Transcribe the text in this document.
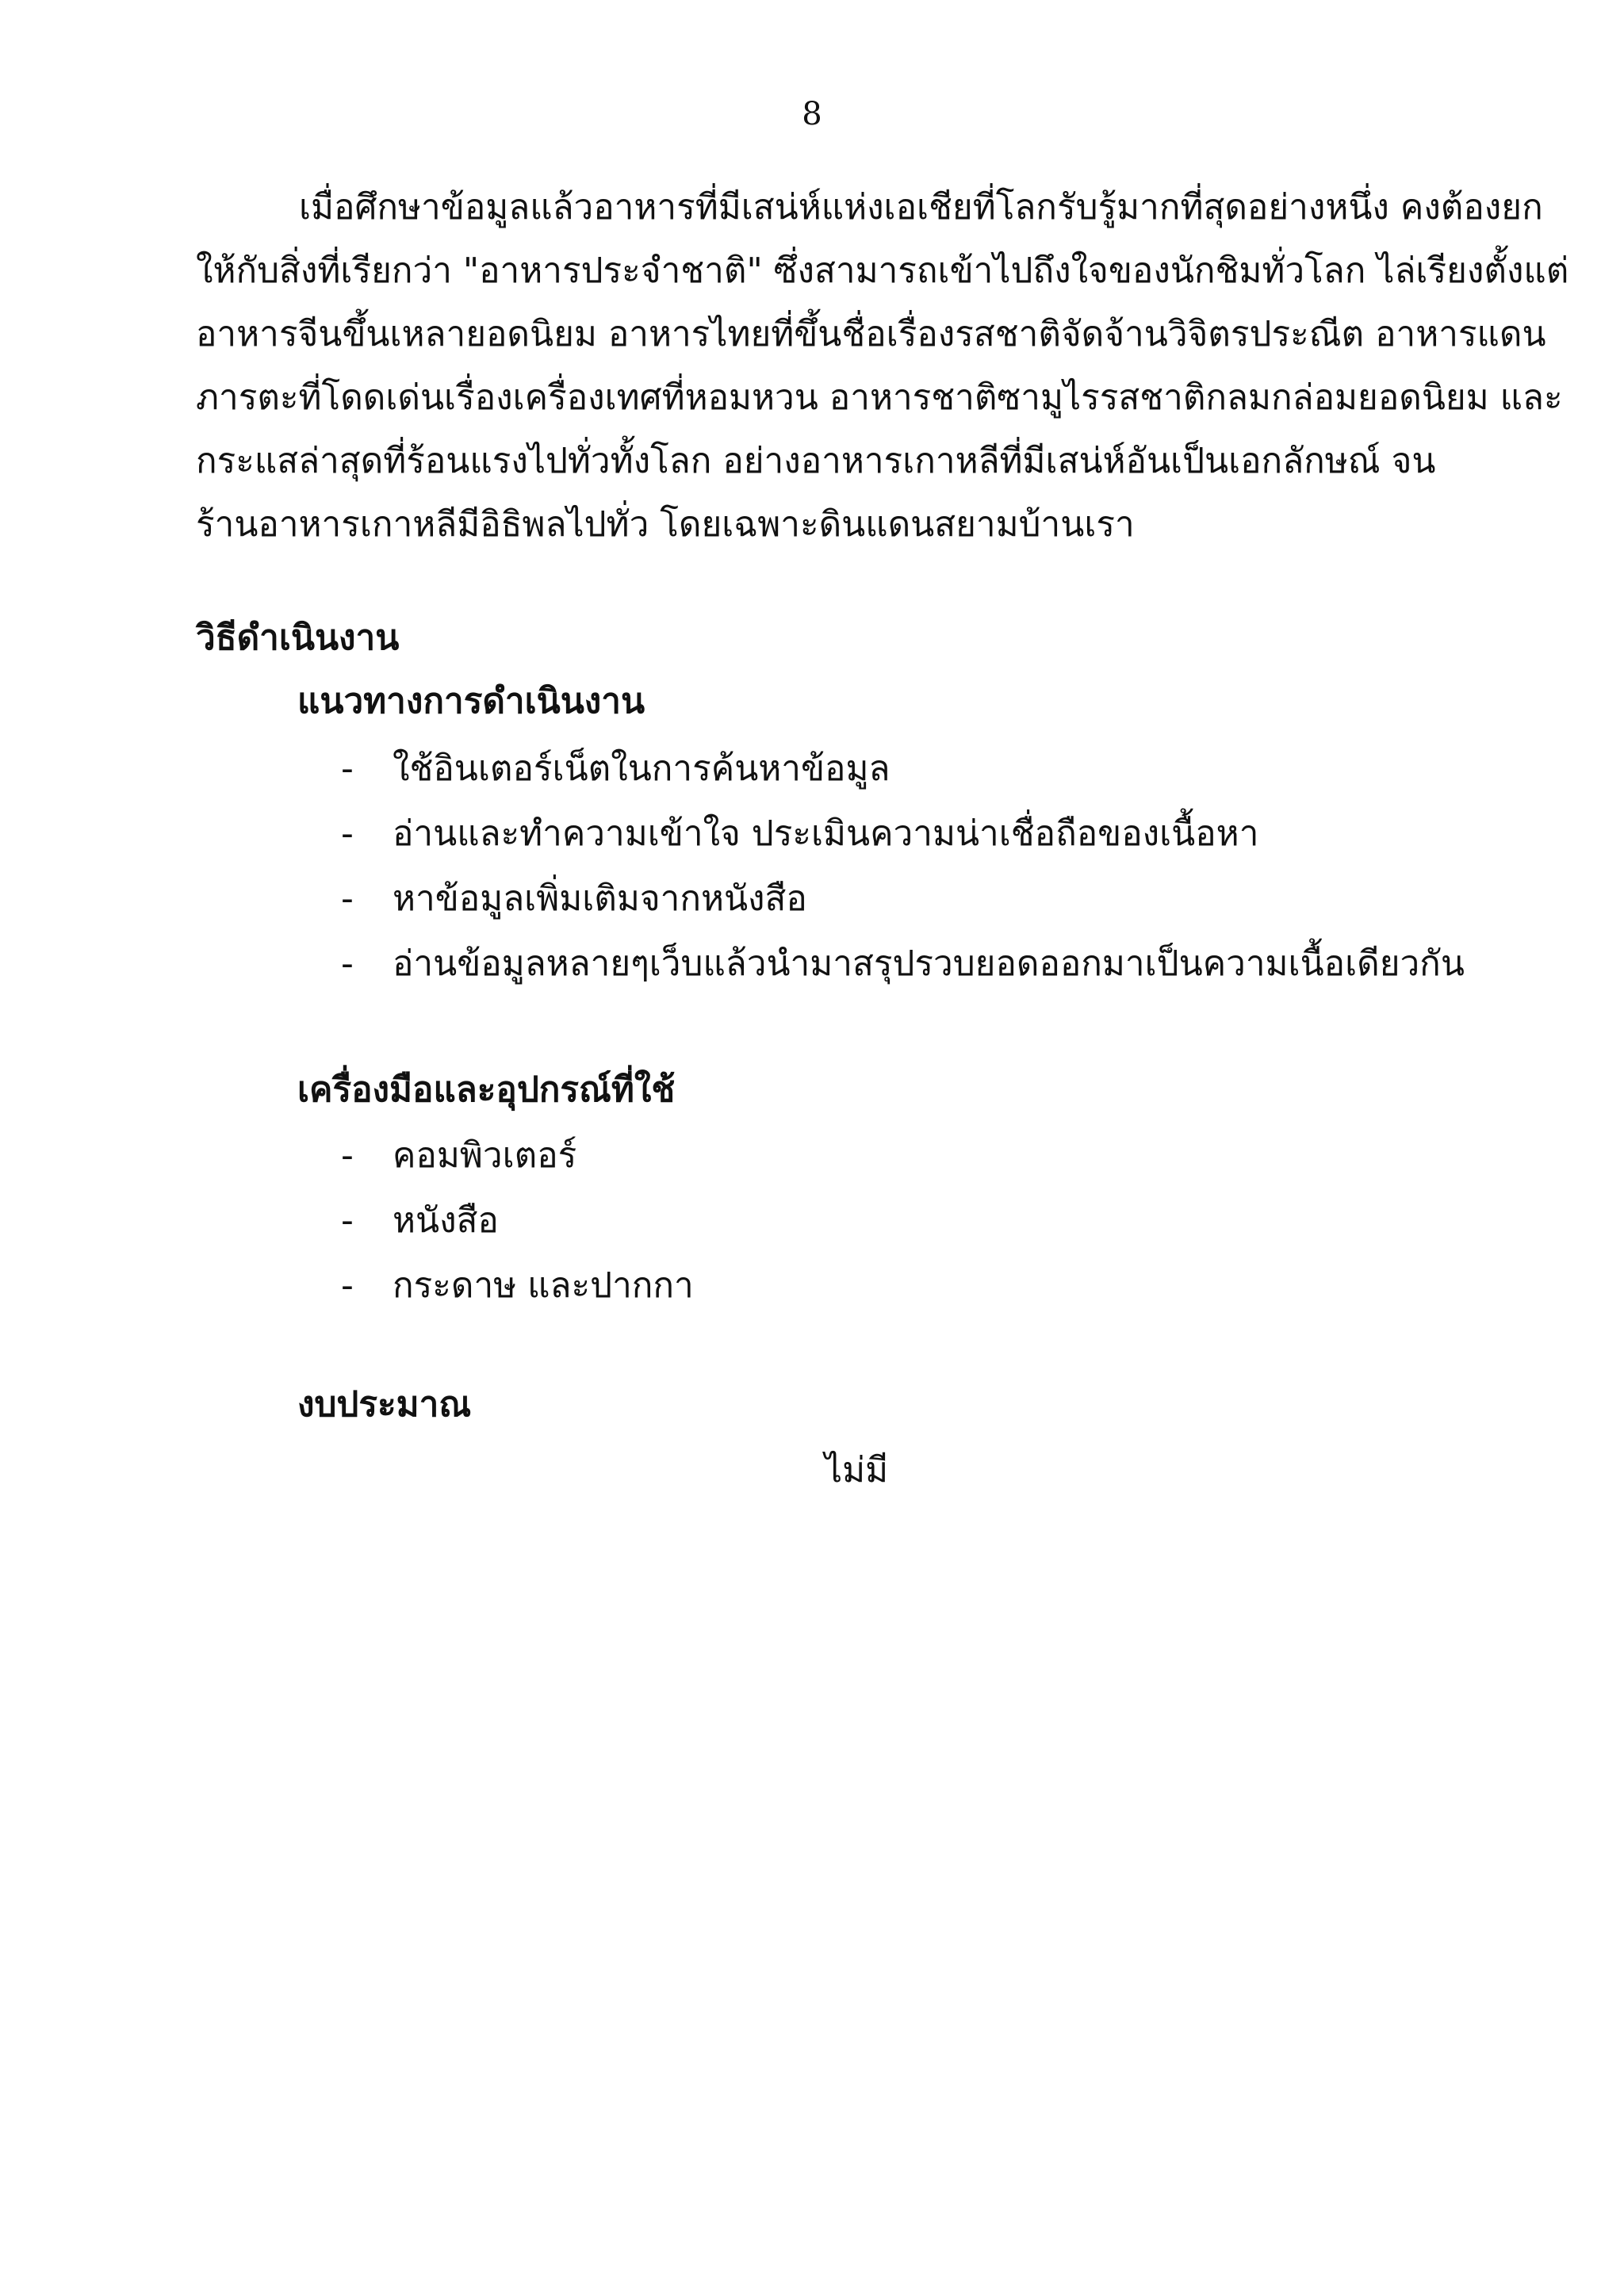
8
เมื่อศึกษาข้อมูลแล้วอาหารที่มีเสน่ห์แห่งเอเชียที่โลกรับรู้มากที่สุดอย่างหนึ่ง คงต้องยก
ให้กับสิ่งที่เรียกว่า "อาหารประจำชาติ" ซึ่งสามารถเข้าไปถึงใจของนักชิมทั่วโลก ไล่เรียงตั้งแต่
อาหารจีนขึ้นเหลายอดนิยม อาหารไทยที่ขึ้นชื่อเรื่องรสชาติจัดจ้านวิจิตรประณีต อาหารแดน
ภารตะที่โดดเด่นเรื่องเครื่องเทศที่หอมหวน อาหารชาติซามูไรรสชาติกลมกล่อมยอดนิยม และ
กระแสล่าสุดที่ร้อนแรงไปทั่วทั้งโลก อย่างอาหารเกาหลีที่มีเสน่ห์อันเป็นเอกลักษณ์ จน
ร้านอาหารเกาหลีมีอิธิพลไปทั่ว โดยเฉพาะดินแดนสยามบ้านเรา
วิธีดำเนินงาน
แนวทางการดำเนินงาน
- ใช้อินเตอร์เน็ตในการค้นหาข้อมูล
- อ่านและทำความเข้าใจ ประเมินความน่าเชื่อถือของเนื้อหา
- หาข้อมูลเพิ่มเติมจากหนังสือ
- อ่านข้อมูลหลายๆเว็บแล้วนำมาสรุปรวบยอดออกมาเป็นความเนื้อเดียวกัน
เครื่องมือและอุปกรณ์ที่ใช้
- คอมพิวเตอร์
- หนังสือ
- กระดาษ และปากกา
งบประมาณ
ไม่มี
